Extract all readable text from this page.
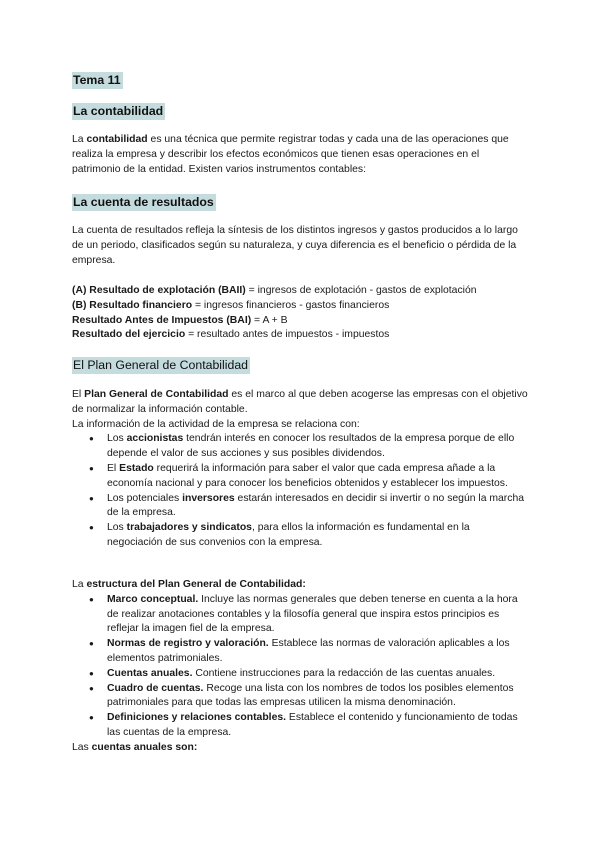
Tema 11
La contabilidad

La contabilidad es una técnica que permite registrar todas y cada una de las operaciones que realiza la empresa y describir los efectos económicos que tienen esas operaciones en el patrimonio de la entidad. Existen varios instrumentos contables:

La cuenta de resultados

La cuenta de resultados refleja la síntesis de los distintos ingresos y gastos producidos a lo largo de un periodo, clasificados según su naturaleza, y cuya diferencia es el beneficio o pérdida de la empresa.

(A) Resultado de explotación (BAII) = ingresos de explotación - gastos de explotación

(B) Resultado financiero = ingresos financieros - gastos financieros

Resultado Antes de Impuestos (BAI) = A + B

Resultado del ejercicio = resultado antes de impuestos - impuestos

El Plan General de Contabilidad

El Plan General de Contabilidad es el marco al que deben acogerse las empresas con el objetivo de normalizar la información contable.

La información de la actividad de la empresa se relaciona con:

● Los accionistas tendrán interés en conocer los resultados de la empresa porque de ello depende el valor de sus acciones y sus posibles dividendos.
● El Estado requerirá la información para saber el valor que cada empresa añade a la economía nacional y para conocer los beneficios obtenidos y establecer los impuestos.
● Los potenciales inversores estarán interesados en decidir si invertir o no según la marcha de la empresa.
● Los trabajadores y sindicatos, para ellos la información es fundamental en la negociación de sus convenios con la empresa.

La estructura del Plan General de Contabilidad:

● Marco conceptual. Incluye las normas generales que deben tenerse en cuenta a la hora de realizar anotaciones contables y la filosofía general que inspira estos principios es reflejar la imagen fiel de la empresa.
● Normas de registro y valoración. Establece las normas de valoración aplicables a los elementos patrimoniales.
● Cuentas anuales. Contiene instrucciones para la redacción de las cuentas anuales.
● Cuadro de cuentas. Recoge una lista con los nombres de todos los posibles elementos patrimoniales para que todas las empresas utilicen la misma denominación.
● Definiciones y relaciones contables. Establece el contenido y funcionamiento de todas las cuentas de la empresa.

Las cuentas anuales son:
